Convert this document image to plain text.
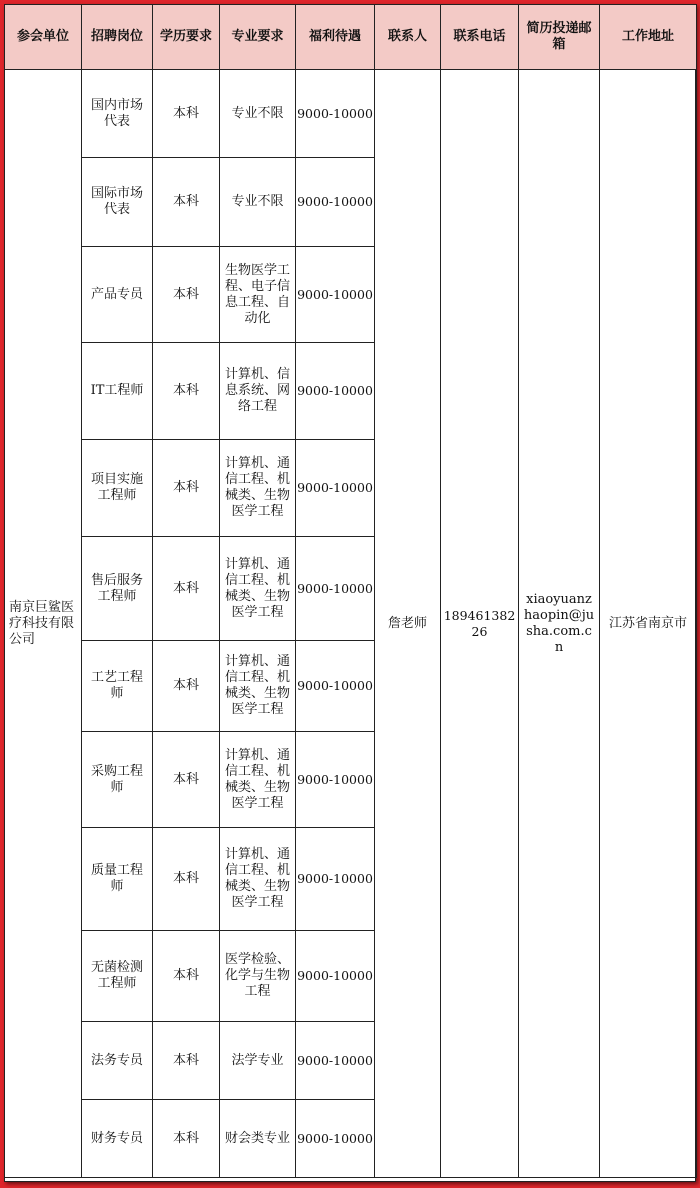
参会单位	招聘岗位	学历要求	专业要求	福利待遇	联系人	联系电话	简历投递邮箱	工作地址
南京巨鲨医疗科技有限公司	国内市场代表	本科	专业不限	9000-10000	詹老师	18946138226	xiaoyuanzhaopin@jusha.com.cn	江苏省南京市
	国际市场代表	本科	专业不限	9000-10000				
	产品专员	本科	生物医学工程、电子信息工程、自动化	9000-10000				
	IT工程师	本科	计算机、信息系统、网络工程	9000-10000				
	项目实施工程师	本科	计算机、通信工程、机械类、生物医学工程	9000-10000				
	售后服务工程师	本科	计算机、通信工程、机械类、生物医学工程	9000-10000				
	工艺工程师	本科	计算机、通信工程、机械类、生物医学工程	9000-10000				
	采购工程师	本科	计算机、通信工程、机械类、生物医学工程	9000-10000				
	质量工程师	本科	计算机、通信工程、机械类、生物医学工程	9000-10000				
	无菌检测工程师	本科	医学检验、化学与生物工程	9000-10000				
	法务专员	本科	法学专业	9000-10000				
	财务专员	本科	财会类专业	9000-10000				
